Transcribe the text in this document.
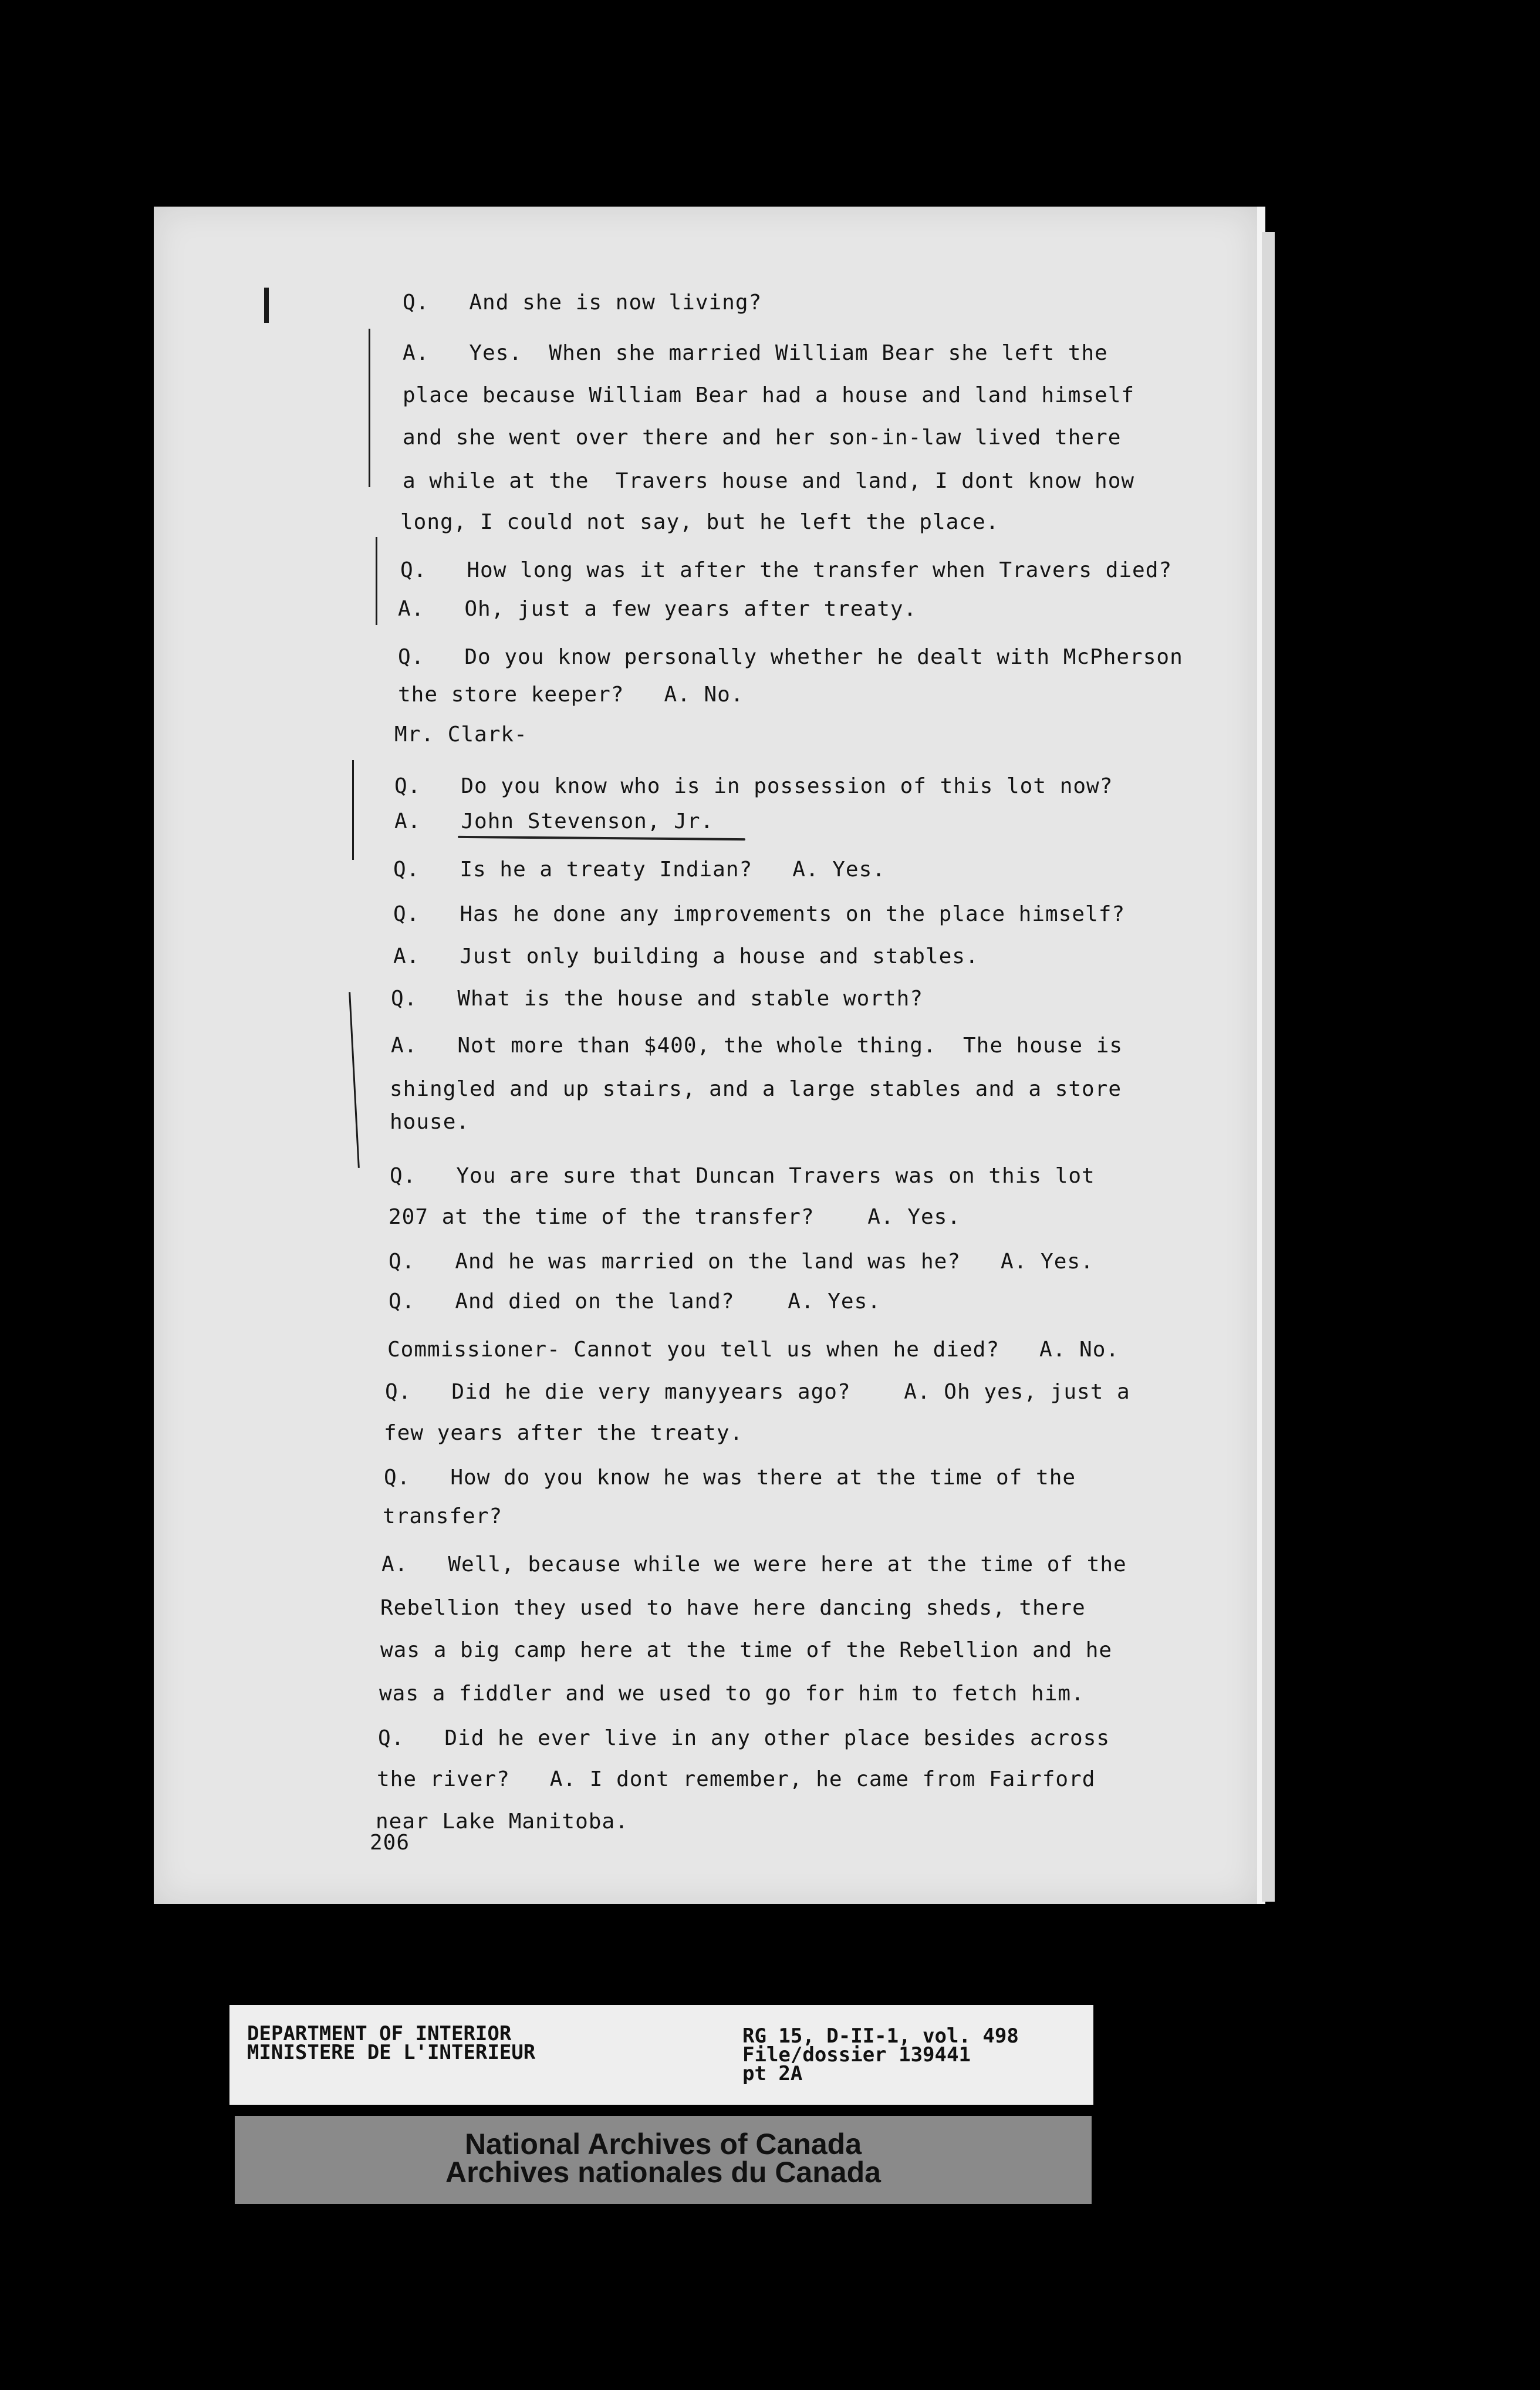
Q.   And she is now living?
A.   Yes.  When she married William Bear she left the
place because William Bear had a house and land himself
and she went over there and her son-in-law lived there
a while at the  Travers house and land, I dont know how
long, I could not say, but he left the place.
Q.   How long was it after the transfer when Travers died?
A.   Oh, just a few years after treaty.
Q.   Do you know personally whether he dealt with McPherson
the store keeper?   A. No.
Mr. Clark-
Q.   Do you know who is in possession of this lot now?
A.   John Stevenson, Jr.
Q.   Is he a treaty Indian?   A. Yes.
Q.   Has he done any improvements on the place himself?
A.   Just only building a house and stables.
Q.   What is the house and stable worth?
A.   Not more than $400, the whole thing.  The house is
shingled and up stairs, and a large stables and a store
house.
Q.   You are sure that Duncan Travers was on this lot
207 at the time of the transfer?    A. Yes.
Q.   And he was married on the land was he?   A. Yes.
Q.   And died on the land?    A. Yes.
Commissioner- Cannot you tell us when he died?   A. No.
Q.   Did he die very manyyears ago?    A. Oh yes, just a
few years after the treaty.
Q.   How do you know he was there at the time of the
transfer?
A.   Well, because while we were here at the time of the
Rebellion they used to have here dancing sheds, there
was a big camp here at the time of the Rebellion and he
was a fiddler and we used to go for him to fetch him.
Q.   Did he ever live in any other place besides across
the river?   A. I dont remember, he came from Fairford
near Lake Manitoba.
206
DEPARTMENT OF INTERIOR
MINISTERE DE L'INTERIEUR
RG 15, D-II-1, vol. 498
File/dossier 139441
pt 2A
National Archives of Canada
Archives nationales du Canada
